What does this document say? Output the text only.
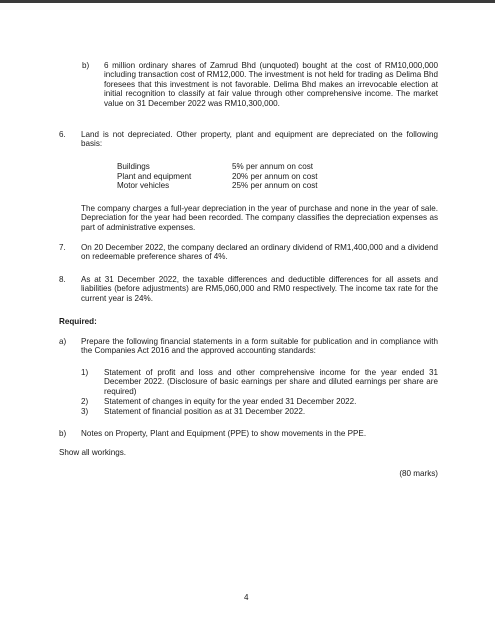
b) 6 million ordinary shares of Zamrud Bhd (unquoted) bought at the cost of RM10,000,000 including transaction cost of RM12,000. The investment is not held for trading as Delima Bhd foresees that this investment is not favorable. Delima Bhd makes an irrevocable election at initial recognition to classify at fair value through other comprehensive income. The market value on 31 December 2022 was RM10,300,000.
6. Land is not depreciated. Other property, plant and equipment are depreciated on the following basis:
Buildings	5% per annum on cost
Plant and equipment	20% per annum on cost
Motor vehicles	25% per annum on cost
The company charges a full-year depreciation in the year of purchase and none in the year of sale. Depreciation for the year had been recorded. The company classifies the depreciation expenses as part of administrative expenses.
7. On 20 December 2022, the company declared an ordinary dividend of RM1,400,000 and a dividend on redeemable preference shares of 4%.
8. As at 31 December 2022, the taxable differences and deductible differences for all assets and liabilities (before adjustments) are RM5,060,000 and RM0 respectively. The income tax rate for the current year is 24%.
Required:
a) Prepare the following financial statements in a form suitable for publication and in compliance with the Companies Act 2016 and the approved accounting standards:
1) Statement of profit and loss and other comprehensive income for the year ended 31 December 2022. (Disclosure of basic earnings per share and diluted earnings per share are required)
2) Statement of changes in equity for the year ended 31 December 2022.
3) Statement of financial position as at 31 December 2022.
b) Notes on Property, Plant and Equipment (PPE) to show movements in the PPE.
Show all workings.
(80 marks)
4
